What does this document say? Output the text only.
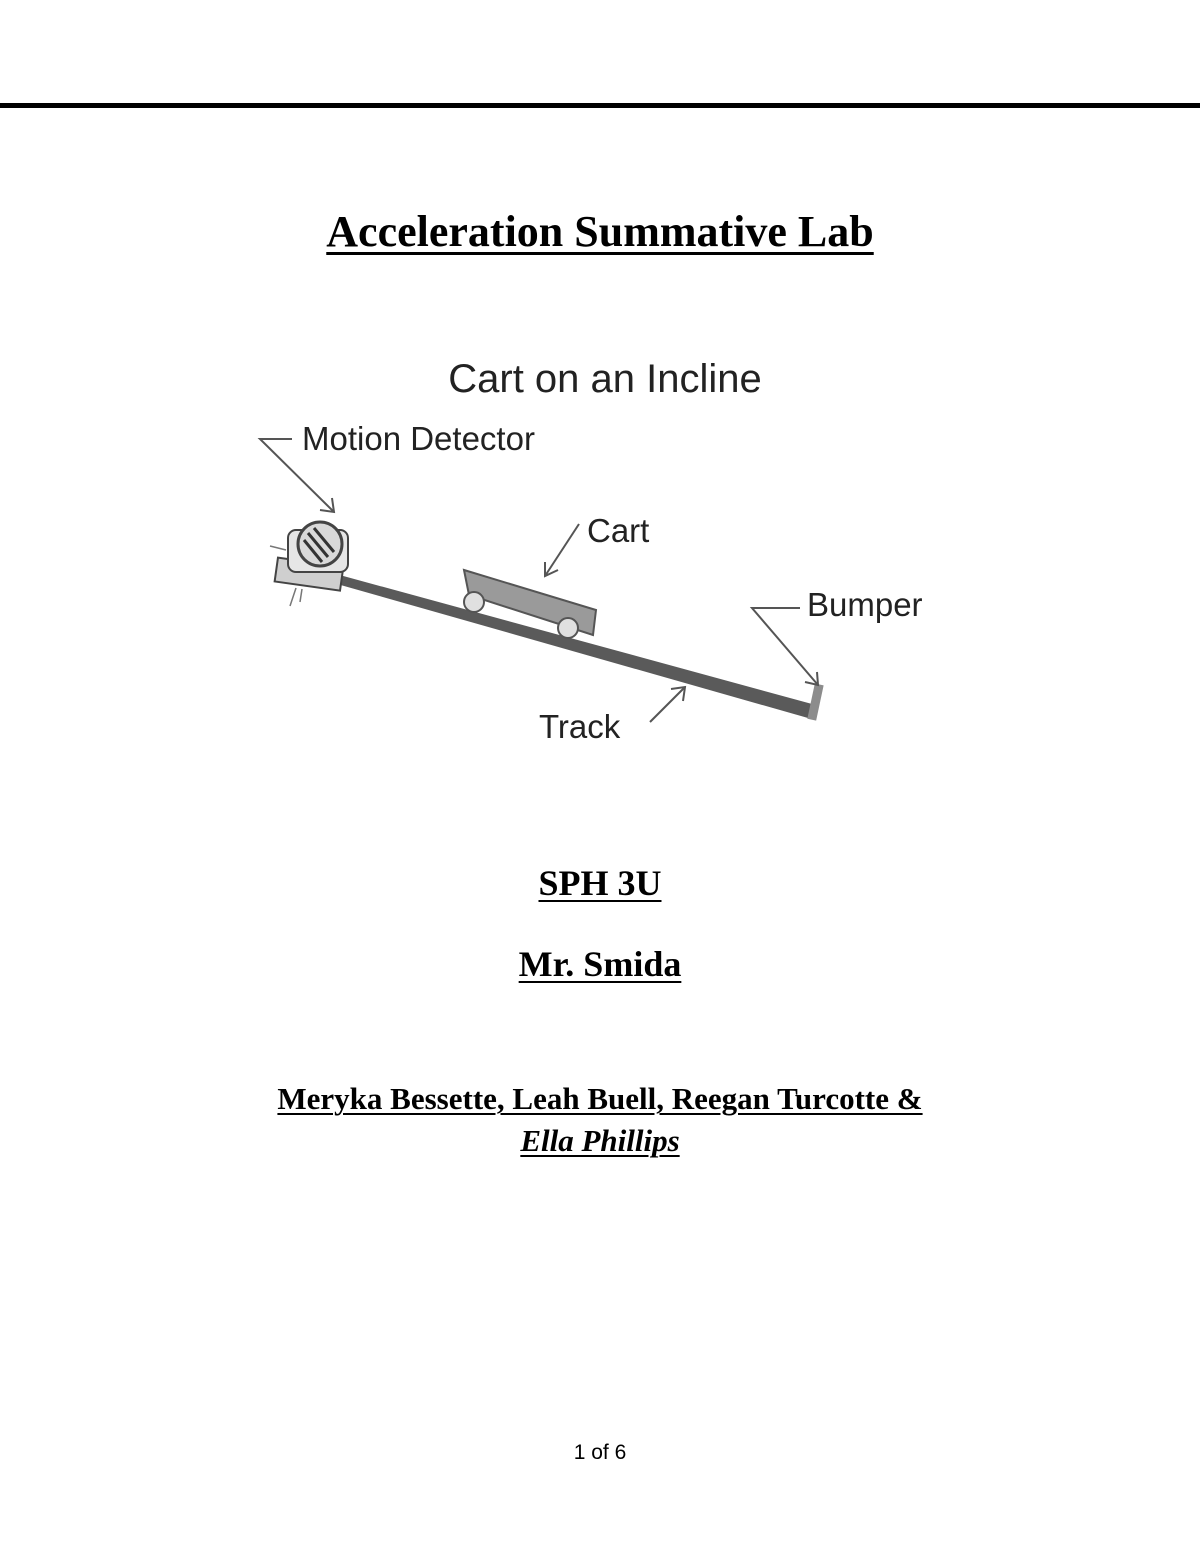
Acceleration Summative Lab
Cart on an Incline
Motion Detector
Cart
Bumper
Track
SPH 3U
Mr. Smida
Meryka Bessette, Leah Buell, Reegan Turcotte &
Ella Phillips
1 of 6
